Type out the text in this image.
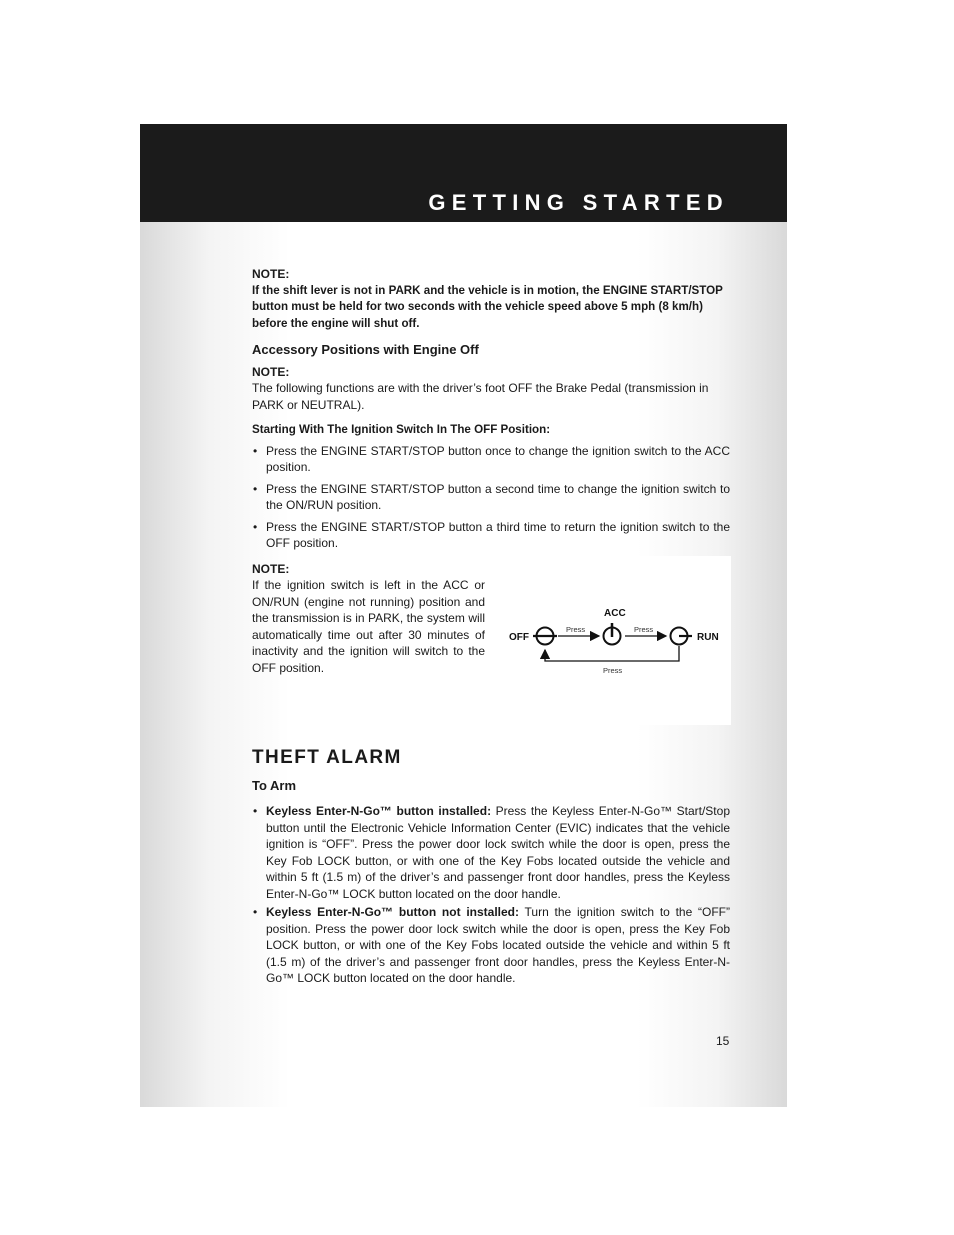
GETTING STARTED

NOTE:

If the shift lever is not in PARK and the vehicle is in motion, the ENGINE START/STOP button must be held for two seconds with the vehicle speed above 5 mph (8 km/h) before the engine will shut off.

Accessory Positions with Engine Off

NOTE:

The following functions are with the driver’s foot OFF the Brake Pedal (transmission in PARK or NEUTRAL).

Starting With The Ignition Switch In The OFF Position:

• Press the ENGINE START/STOP button once to change the ignition switch to the ACC position.
• Press the ENGINE START/STOP button a second time to change the ignition switch to the ON/RUN position.
• Press the ENGINE START/STOP button a third time to return the ignition switch to the OFF position.

NOTE:

If the ignition switch is left in the ACC or ON/RUN (engine not running) position and the transmission is in PARK, the system will automatically time out after 30 minutes of inactivity and the ignition will switch to the OFF position.

OFF
ACC
RUN
Press	Press
Press
THEFT ALARM
To Arm
• Keyless Enter-N-Go™ button installed: Press the Keyless Enter-N-Go™ Start/Stop button until the Electronic Vehicle Information Center (EVIC) indicates that the vehicle ignition is “OFF”. Press the power door lock switch while the door is open, press the Key Fob LOCK button, or with one of the Key Fobs located outside the vehicle and within 5 ft (1.5 m) of the driver’s and passenger front door handles, press the Keyless Enter-N-Go™ LOCK button located on the door handle.
• Keyless Enter-N-Go™ button not installed: Turn the ignition switch to the “OFF” position. Press the power door lock switch while the door is open, press the Key Fob LOCK button, or with one of the Key Fobs located outside the vehicle and within 5 ft (1.5 m) of the driver’s and passenger front door handles, press the Keyless Enter-N-Go™ LOCK button located on the door handle.

15
